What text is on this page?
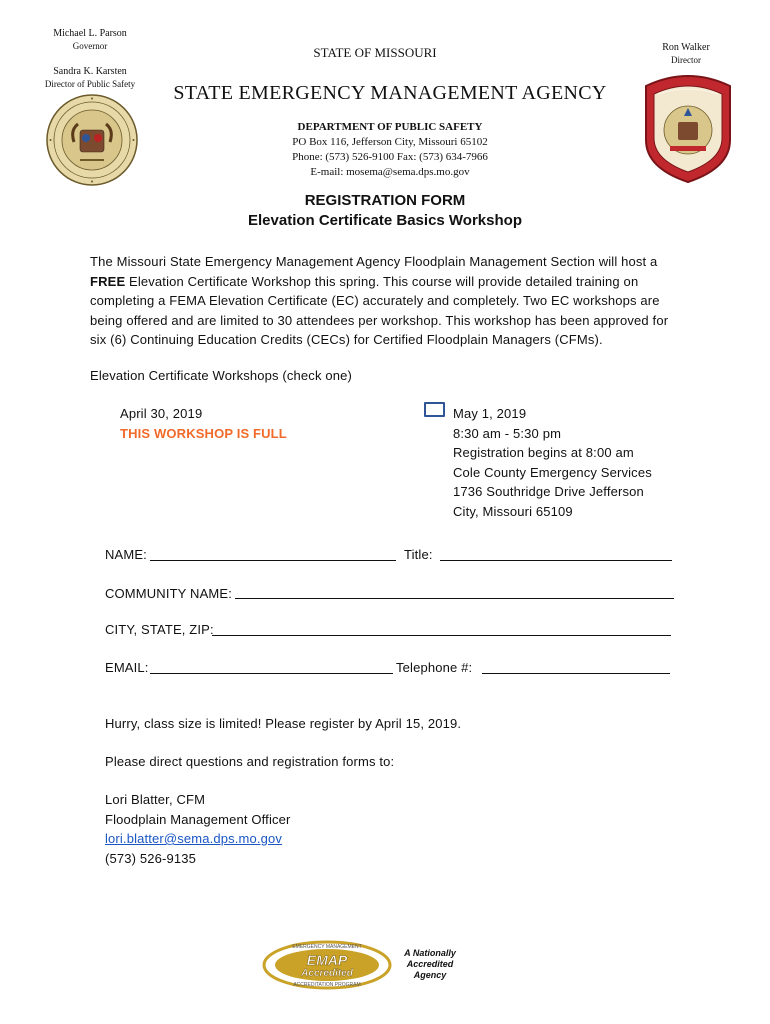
Michael L. Parson
Governor
Sandra K. Karsten
Director of Public Safety
STATE OF MISSOURI
STATE EMERGENCY MANAGEMENT AGENCY
DEPARTMENT OF PUBLIC SAFETY
PO Box 116, Jefferson City, Missouri 65102
Phone: (573) 526-9100 Fax: (573) 634-7966
E-mail: mosema@sema.dps.mo.gov
Ron Walker
Director
REGISTRATION FORM
Elevation Certificate Basics Workshop
The Missouri State Emergency Management Agency Floodplain Management Section will host a FREE Elevation Certificate Workshop this spring. This course will provide detailed training on completing a FEMA Elevation Certificate (EC) accurately and completely. Two EC workshops are being offered and are limited to 30 attendees per workshop. This workshop has been approved for six (6) Continuing Education Credits (CECs) for Certified Floodplain Managers (CFMs).
Elevation Certificate Workshops (check one)
April 30, 2019
THIS WORKSHOP IS FULL
May 1, 2019
8:30 am - 5:30 pm
Registration begins at 8:00 am
Cole County Emergency Services
1736 Southridge Drive Jefferson
City, Missouri 65109
NAME:	Title:
COMMUNITY NAME:
CITY, STATE, ZIP:
EMAIL:	Telephone #:
Hurry, class size is limited! Please register by April 15, 2019.
Please direct questions and registration forms to:
Lori Blatter, CFM
Floodplain Management Officer
lori.blatter@sema.dps.mo.gov
(573) 526-9135
EMERGENCY MANAGEMENT
ACCREDITATION PROGRAM
EMAP
Accredited
A Nationally
Accredited
Agency
